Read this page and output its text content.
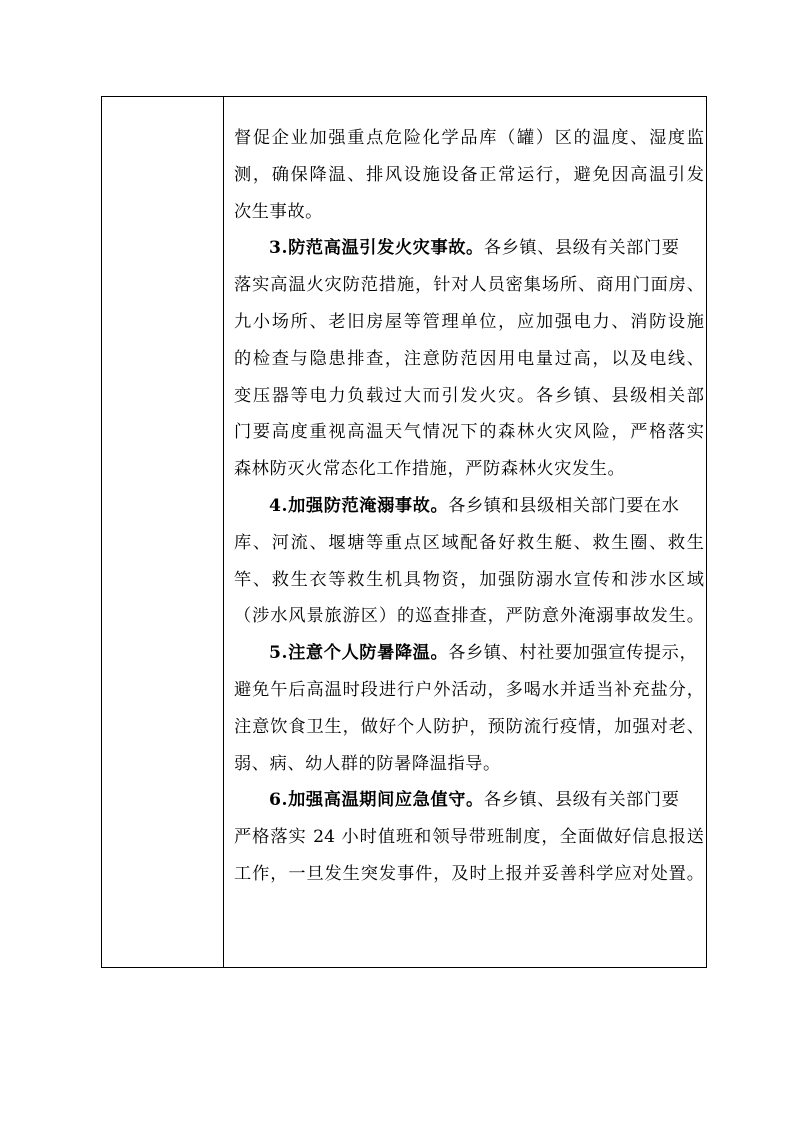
督促企业加强重点危险化学品库（罐）区的温度、湿度监
测，确保降温、排风设施设备正常运行，避免因高温引发
次生事故。
3.防范高温引发火灾事故。各乡镇、县级有关部门要
落实高温火灾防范措施，针对人员密集场所、商用门面房、
九小场所、老旧房屋等管理单位，应加强电力、消防设施
的检查与隐患排查，注意防范因用电量过高，以及电线、
变压器等电力负载过大而引发火灾。各乡镇、县级相关部
门要高度重视高温天气情况下的森林火灾风险，严格落实
森林防灭火常态化工作措施，严防森林火灾发生。
4.加强防范淹溺事故。各乡镇和县级相关部门要在水
库、河流、堰塘等重点区域配备好救生艇、救生圈、救生
竿、救生衣等救生机具物资，加强防溺水宣传和涉水区域
（涉水风景旅游区）的巡查排查，严防意外淹溺事故发生。
5.注意个人防暑降温。各乡镇、村社要加强宣传提示，
避免午后高温时段进行户外活动，多喝水并适当补充盐分，
注意饮食卫生，做好个人防护，预防流行疫情，加强对老、
弱、病、幼人群的防暑降温指导。
6.加强高温期间应急值守。各乡镇、县级有关部门要
严格落实 24 小时值班和领导带班制度，全面做好信息报送
工作，一旦发生突发事件，及时上报并妥善科学应对处置。
